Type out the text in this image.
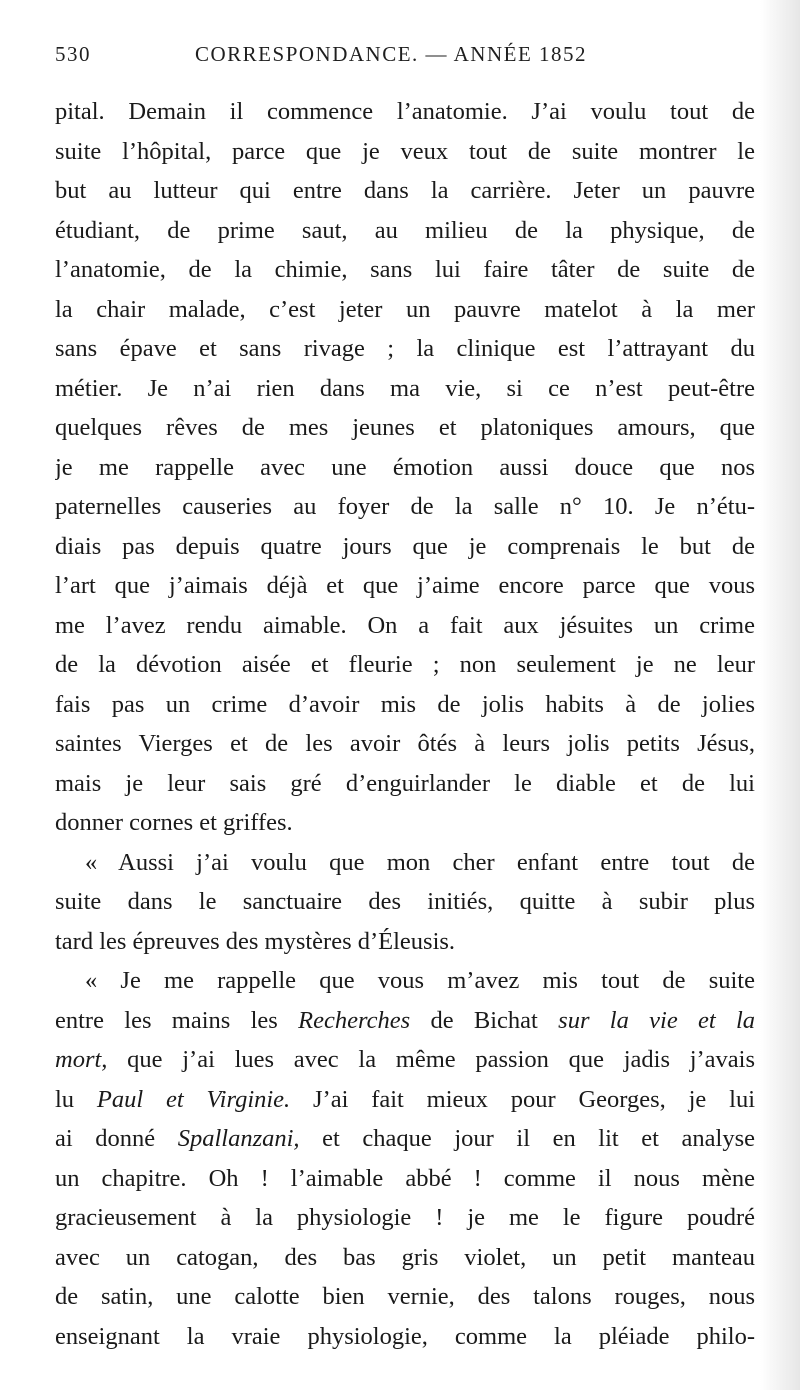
530	CORRESPONDANCE. — ANNÉE 1852
pital. Demain il commence l’anatomie. J’ai voulu tout de
suite l’hôpital, parce que je veux tout de suite montrer le
but au lutteur qui entre dans la carrière. Jeter un pauvre
étudiant, de prime saut, au milieu de la physique, de
l’anatomie, de la chimie, sans lui faire tâter de suite de
la chair malade, c’est jeter un pauvre matelot à la mer
sans épave et sans rivage ; la clinique est l’attrayant du
métier. Je n’ai rien dans ma vie, si ce n’est peut-être
quelques rêves de mes jeunes et platoniques amours, que
je me rappelle avec une émotion aussi douce que nos
paternelles causeries au foyer de la salle n° 10. Je n’étu-
diais pas depuis quatre jours que je comprenais le but de
l’art que j’aimais déjà et que j’aime encore parce que vous
me l’avez rendu aimable. On a fait aux jésuites un crime
de la dévotion aisée et fleurie ; non seulement je ne leur
fais pas un crime d’avoir mis de jolis habits à de jolies
saintes Vierges et de les avoir ôtés à leurs jolis petits Jésus,
mais je leur sais gré d’enguirlander le diable et de lui
donner cornes et griffes.
« Aussi j’ai voulu que mon cher enfant entre tout de
suite dans le sanctuaire des initiés, quitte à subir plus
tard les épreuves des mystères d’Éleusis.
« Je me rappelle que vous m’avez mis tout de suite
entre les mains les Recherches de Bichat sur la vie et la
mort, que j’ai lues avec la même passion que jadis j’avais
lu Paul et Virginie. J’ai fait mieux pour Georges, je lui
ai donné Spallanzani, et chaque jour il en lit et analyse
un chapitre. Oh ! l’aimable abbé ! comme il nous mène
gracieusement à la physiologie ! je me le figure poudré
avec un catogan, des bas gris violet, un petit manteau
de satin, une calotte bien vernie, des talons rouges, nous
enseignant la vraie physiologie, comme la pléiade philo-
